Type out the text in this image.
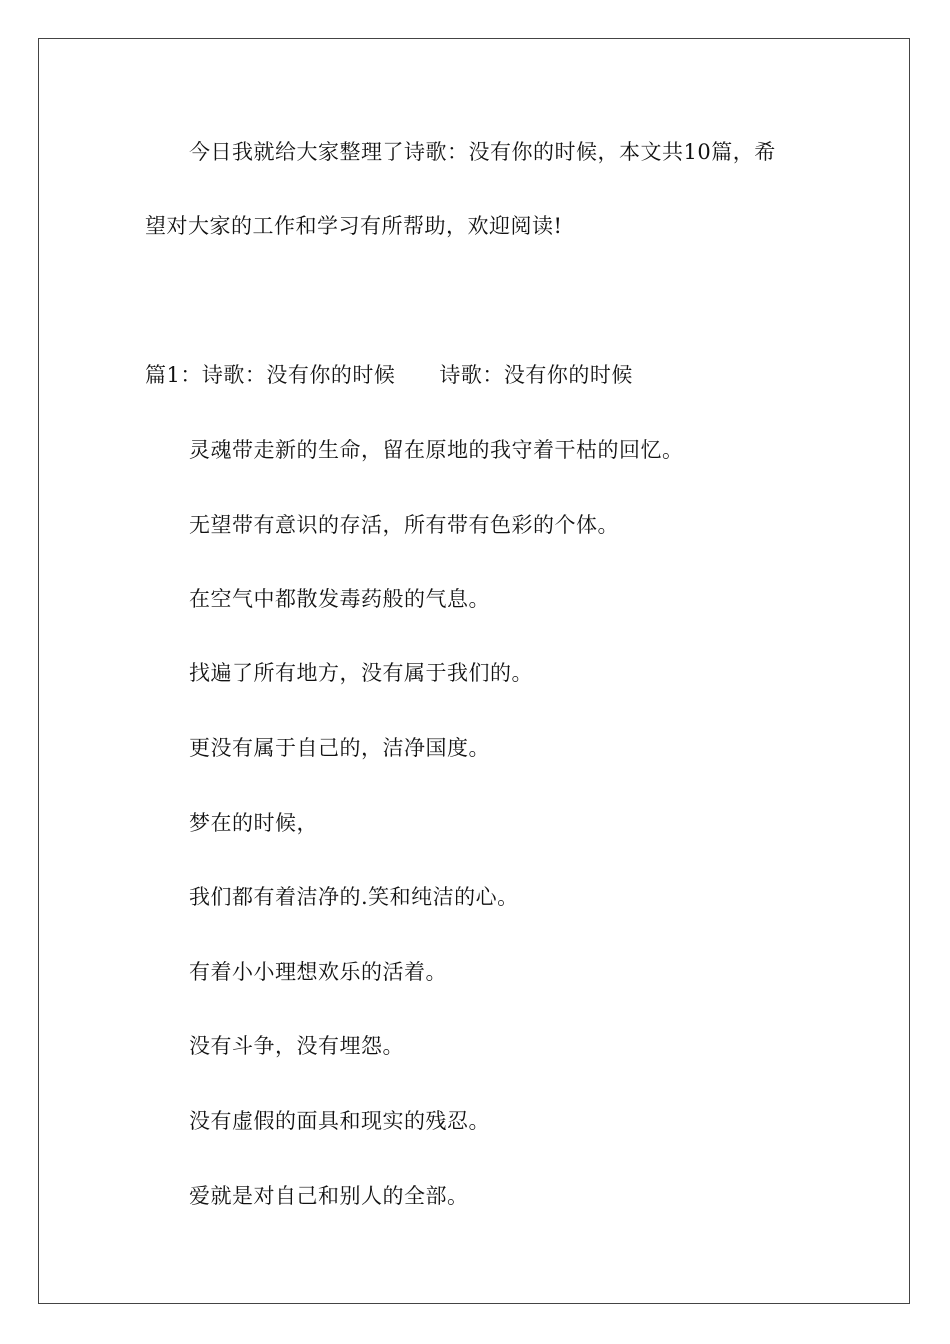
今日我就给大家整理了诗歌：没有你的时候，本文共10篇，希
望对大家的工作和学习有所帮助，欢迎阅读!
篇1：诗歌：没有你的时候 诗歌：没有你的时候
灵魂带走新的生命，留在原地的我守着干枯的回忆。
无望带有意识的存活，所有带有色彩的个体。
在空气中都散发毒药般的气息。
找遍了所有地方，没有属于我们的。
更没有属于自己的，洁净国度。
梦在的时候，
我们都有着洁净的.笑和纯洁的心。
有着小小理想欢乐的活着。
没有斗争，没有埋怨。
没有虚假的面具和现实的残忍。
爱就是对自己和别人的全部。
